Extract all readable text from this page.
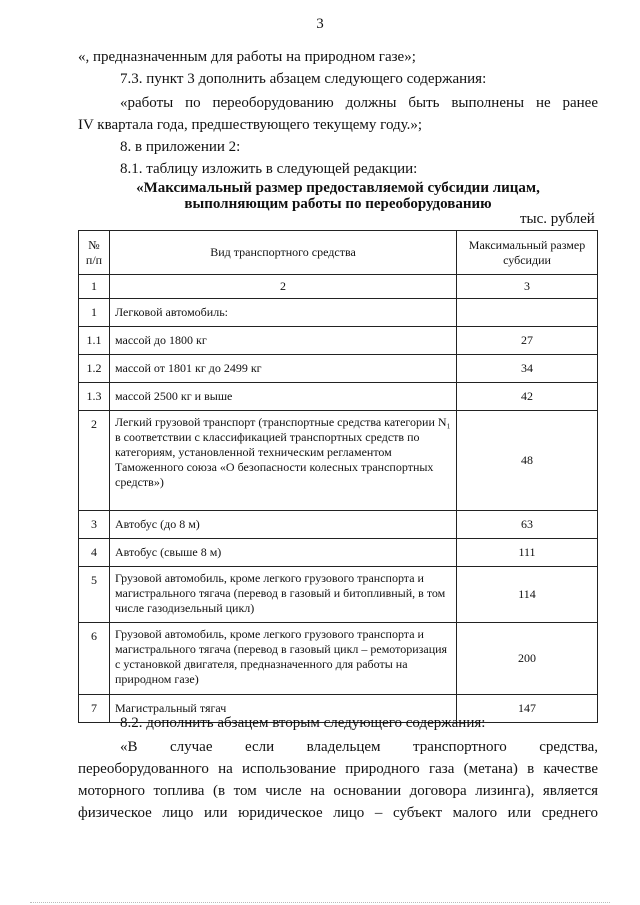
3
«, предназначенным для работы на природном газе»;
7.3. пункт 3 дополнить абзацем следующего содержания:
«работы по переоборудованию должны быть выполнены не ранее
IV квартала года, предшествующего текущему году.»;
8. в приложении 2:
8.1. таблицу изложить в следующей редакции:
«Максимальный размер предоставляемой субсидии лицам,
выполняющим работы по переоборудованию
тыс. рублей
№ п/п	Вид транспортного средства	Максимальный размер субсидии
1	2	3
1	Легковой автомобиль:	
1.1	массой до 1800 кг	27
1.2	массой от 1801 кг до 2499 кг	34
1.3	массой 2500 кг и выше	42
2	Легкий грузовой транспорт (транспортные средства категории N₁ в соответствии с классификацией транспортных средств по категориям, установленной техническим регламентом Таможенного союза «О безопасности колесных транспортных средств»)	48
3	Автобус (до 8 м)	63
4	Автобус (свыше 8 м)	111
5	Грузовой автомобиль, кроме легкого грузового транспорта и магистрального тягача (перевод в газовый и битопливный, в том числе газодизельный цикл)	114
6	Грузовой автомобиль, кроме легкого грузового транспорта и магистрального тягача (перевод в газовый цикл – ремоторизация с установкой двигателя, предназначенного для работы на природном газе)	200
7	Магистральный тягач	147
8.2. дополнить абзацем вторым следующего содержания:
«В случае если владельцем транспортного средства,
переоборудованного на использование природного газа (метана) в качестве
моторного топлива (в том числе на основании договора лизинга), является
физическое лицо или юридическое лицо – субъект малого или среднего
